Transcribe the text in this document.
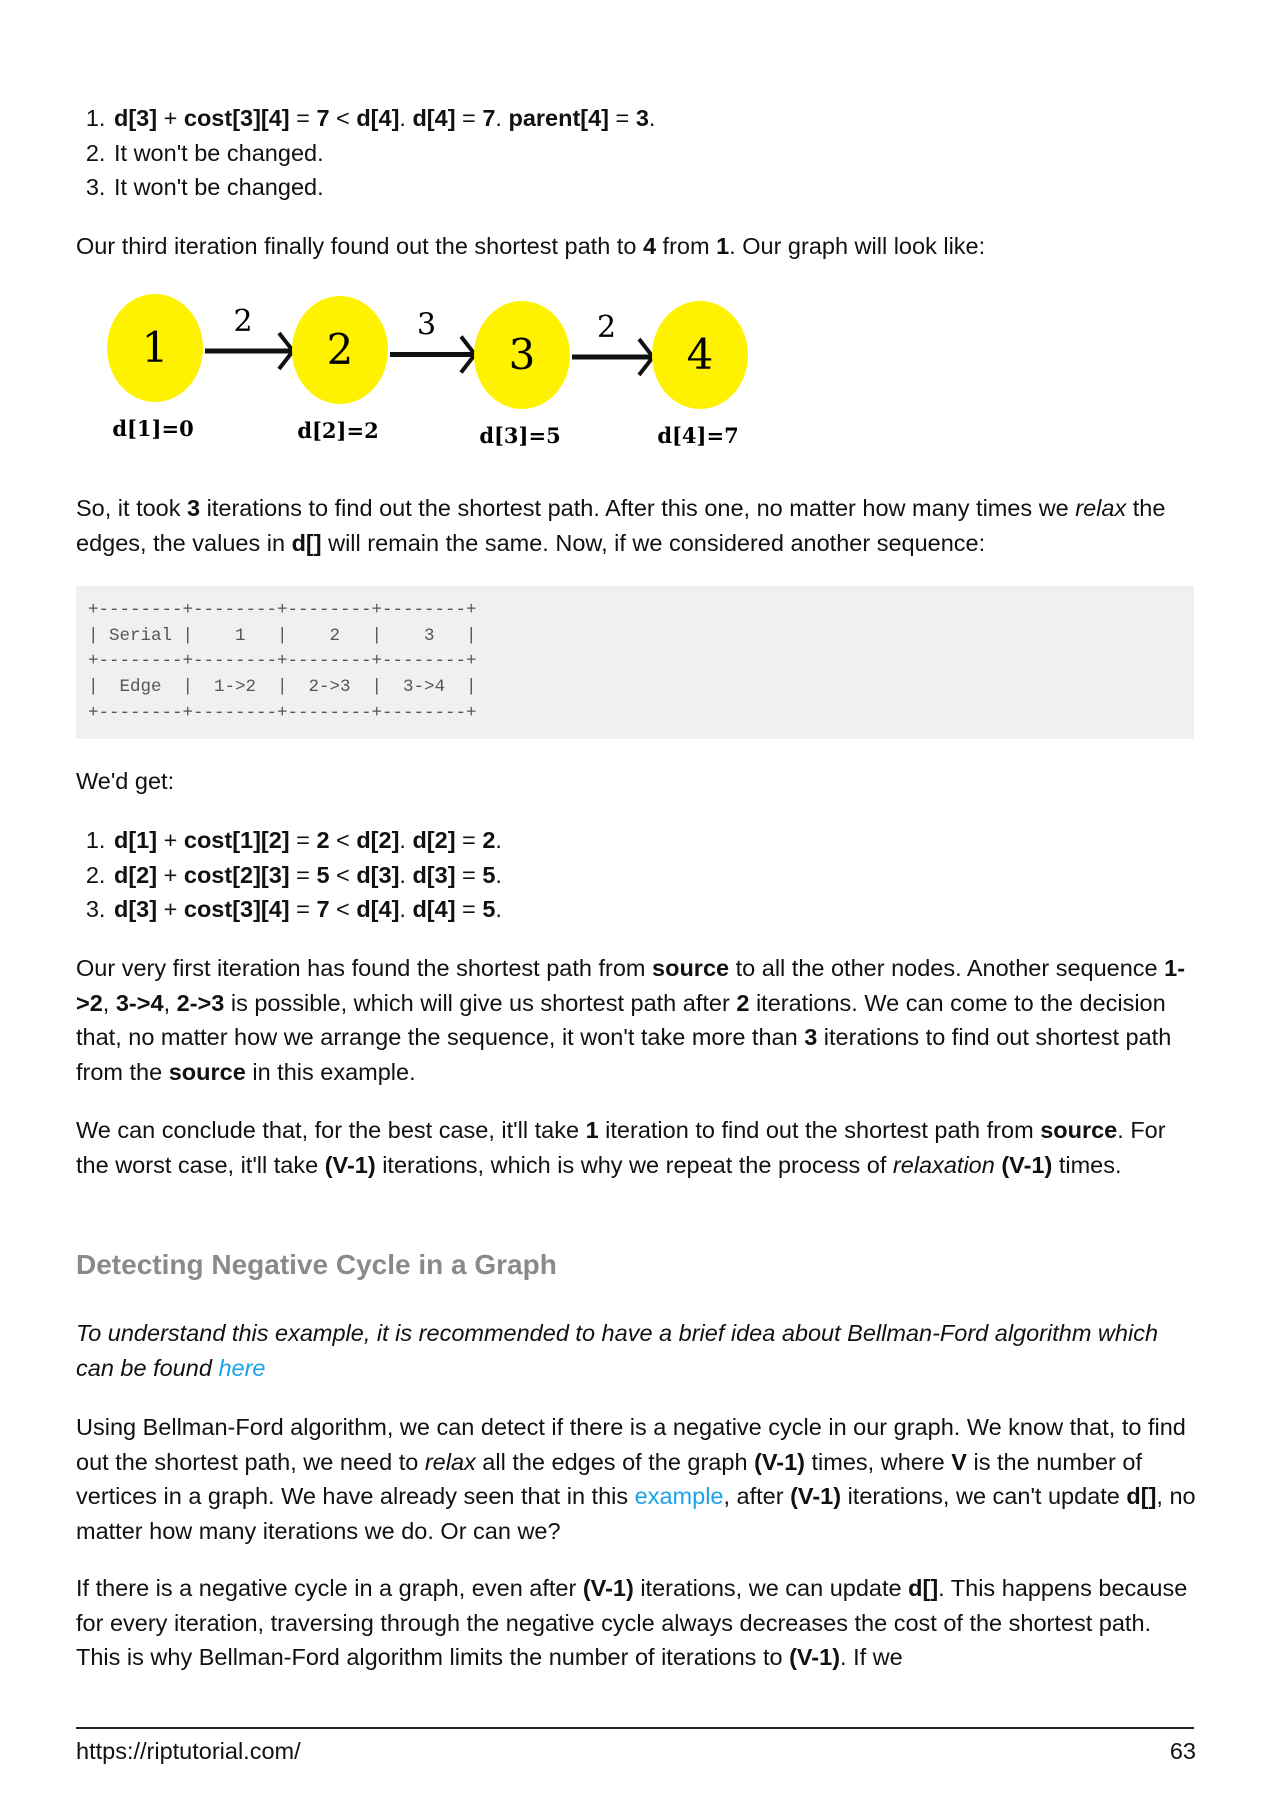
1. d[3] + cost[3][4] = 7 < d[4]. d[4] = 7. parent[4] = 3.
2. It won't be changed.
3. It won't be changed.
Our third iteration finally found out the shortest path to 4 from 1. Our graph will look like:
2	3	2
1
d[1]=0
2
d[2]=2
3
d[3]=5
4
d[4]=7
So, it took 3 iterations to find out the shortest path. After this one, no matter how many times we relax the edges, the values in d[] will remain the same. Now, if we considered another sequence:
+--------+--------+--------+--------+
| Serial |    1   |    2   |    3   |
+--------+--------+--------+--------+
|  Edge  |  1->2  |  2->3  |  3->4  |
+--------+--------+--------+--------+
We'd get:
1. d[1] + cost[1][2] = 2 < d[2]. d[2] = 2.
2. d[2] + cost[2][3] = 5 < d[3]. d[3] = 5.
3. d[3] + cost[3][4] = 7 < d[4]. d[4] = 5.
Our very first iteration has found the shortest path from source to all the other nodes. Another sequence 1->2, 3->4, 2->3 is possible, which will give us shortest path after 2 iterations. We can come to the decision that, no matter how we arrange the sequence, it won't take more than 3 iterations to find out shortest path from the source in this example.
We can conclude that, for the best case, it'll take 1 iteration to find out the shortest path from source. For the worst case, it'll take (V-1) iterations, which is why we repeat the process of relaxation (V-1) times.
Detecting Negative Cycle in a Graph
To understand this example, it is recommended to have a brief idea about Bellman-Ford algorithm which can be found here
Using Bellman-Ford algorithm, we can detect if there is a negative cycle in our graph. We know that, to find out the shortest path, we need to relax all the edges of the graph (V-1) times, where V is the number of vertices in a graph. We have already seen that in this example, after (V-1) iterations, we can't update d[], no matter how many iterations we do. Or can we?
If there is a negative cycle in a graph, even after (V-1) iterations, we can update d[]. This happens because for every iteration, traversing through the negative cycle always decreases the cost of the shortest path. This is why Bellman-Ford algorithm limits the number of iterations to (V-1). If we
https://riptutorial.com/	63
